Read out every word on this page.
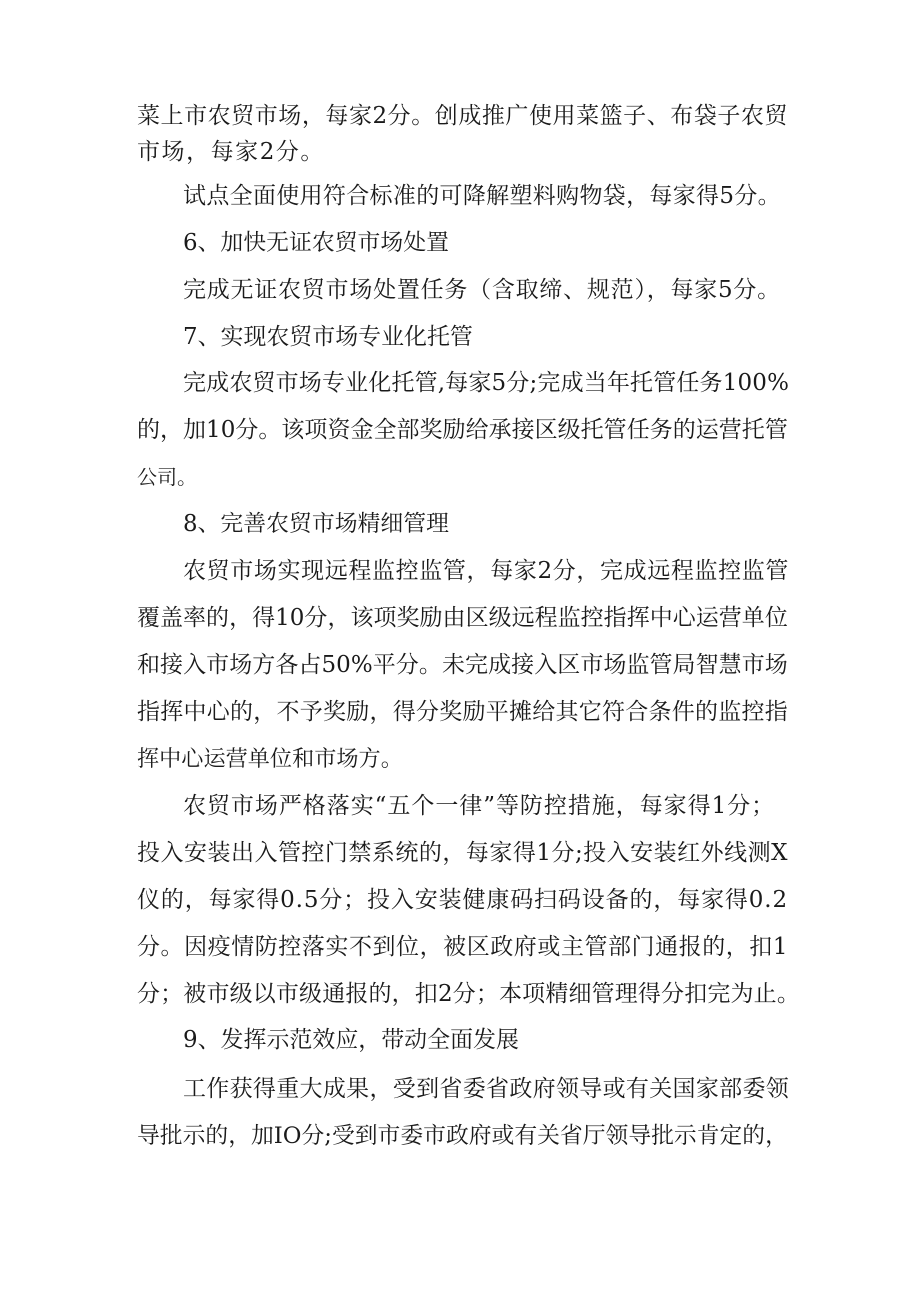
菜上市农贸市场，每家2分。创成推广使用菜篮子、布袋子农贸
市场，每家2分。
试点全面使用符合标准的可降解塑料购物袋，每家得5分。
6、加快无证农贸市场处置
完成无证农贸市场处置任务（含取缔、规范），每家5分。
7、实现农贸市场专业化托管
完成农贸市场专业化托管,每家5分;完成当年托管任务100%
的，加10分。该项资金全部奖励给承接区级托管任务的运营托管
公司。
8、完善农贸市场精细管理
农贸市场实现远程监控监管，每家2分，完成远程监控监管
覆盖率的，得10分，该项奖励由区级远程监控指挥中心运营单位
和接入市场方各占50%平分。未完成接入区市场监管局智慧市场
指挥中心的，不予奖励，得分奖励平摊给其它符合条件的监控指
挥中心运营单位和市场方。
农贸市场严格落实“五个一律”等防控措施，每家得1分；
投入安装出入管控门禁系统的，每家得1分;投入安装红外线测X
仪的，每家得0.5分；投入安装健康码扫码设备的，每家得0.2
分。因疫情防控落实不到位，被区政府或主管部门通报的，扣1
分；被市级以市级通报的，扣2分；本项精细管理得分扣完为止。
9、发挥示范效应，带动全面发展
工作获得重大成果，受到省委省政府领导或有关国家部委领
导批示的，加IO分;受到市委市政府或有关省厅领导批示肯定的，
